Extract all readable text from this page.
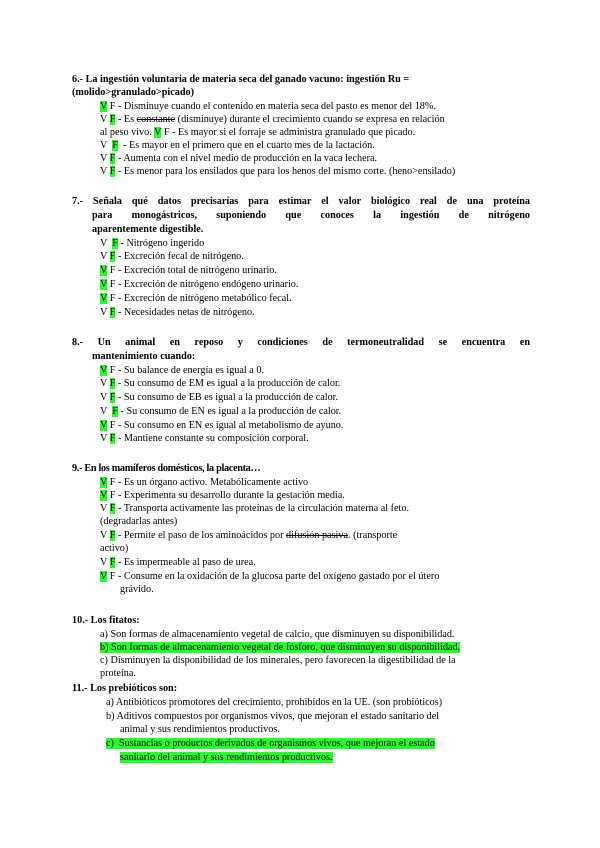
6.- La ingestión voluntaria de materia seca del ganado vacuno: ingestión Ru =
(molido>granulado>picado)
V F - Disminuye cuando el contenido en materia seca del pasto es menor del 18%.
V F - Es constante (disminuye) durante el crecimiento cuando se expresa en relación
al peso vivo. V F - Es mayor si el forraje se administra granulado que picado.
V  F  - Es mayor en el primero que en el cuarto mes de la lactación.
V F - Aumenta con el nivel medio de producción en la vaca lechera.
V F - Es menor para los ensilados que para los henos del mismo corte. (heno>ensilado)
7.- Señala qué datos precisarías para estimar el valor biológico real de una proteína
para monogástricos, suponiendo que conoces la ingestión de nitrógeno
aparentemente digestible.
V  F - Nitrógeno ingerido
V F - Excreción fecal de nitrógeno.
V F - Excreción total de nitrógeno urinario.
V F - Excreción de nitrógeno endógeno urinario.
V F - Excreción de nitrógeno metabólico fecal.
V F - Necesidades netas de nitrógeno.
8.- Un animal en reposo y condiciones de termoneutralidad se encuentra en
mantenimiento cuando:
V F - Su balance de energía es igual a 0.
V F - Su consumo de EM es igual a la producción de calor.
V F - Su consumo de EB es igual a la producción de calor.
V  F - Su consumo de EN es igual a la producción de calor.
V F - Su consumo en EN es igual al metabolismo de ayuno.
V F - Mantiene constante su composición corporal.
9.- En los mamíferos domésticos, la placenta…
V F - Es un órgano activo. Metabólicamente activo
V F - Experimenta su desarrollo durante la gestación media.
V F - Transporta activamente las proteínas de la circulación materna al feto.
(degradarlas antes)
V F - Permite el paso de los aminoácidos por difusión pasiva. (transporte
activo)
V F - Es impermeable al paso de urea.
V F - Consume en la oxidación de la glucosa parte del oxígeno gastado por el útero
grávido.
10.- Los fitatos:
a) Son formas de almacenamiento vegetal de calcio, que disminuyen su disponibilidad.
b) Son formas de almacenamiento vegetal de fósforo, que disminuyen su disponibilidad.
c) Disminuyen la disponibilidad de los minerales, pero favorecen la digestibilidad de la
proteína.
11.- Los prebióticos son:
a) Antibióticos promotores del crecimiento, prohibidos en la UE. (son probióticos)
b) Aditivos compuestos por organismos vivos, que mejoran el estado sanitario del
animal y sus rendimientos productivos.
c)  Sustancias o productos derivados de organismos vivos, que mejoran el estado
sanitario del animal y sus rendimientos productivos.
